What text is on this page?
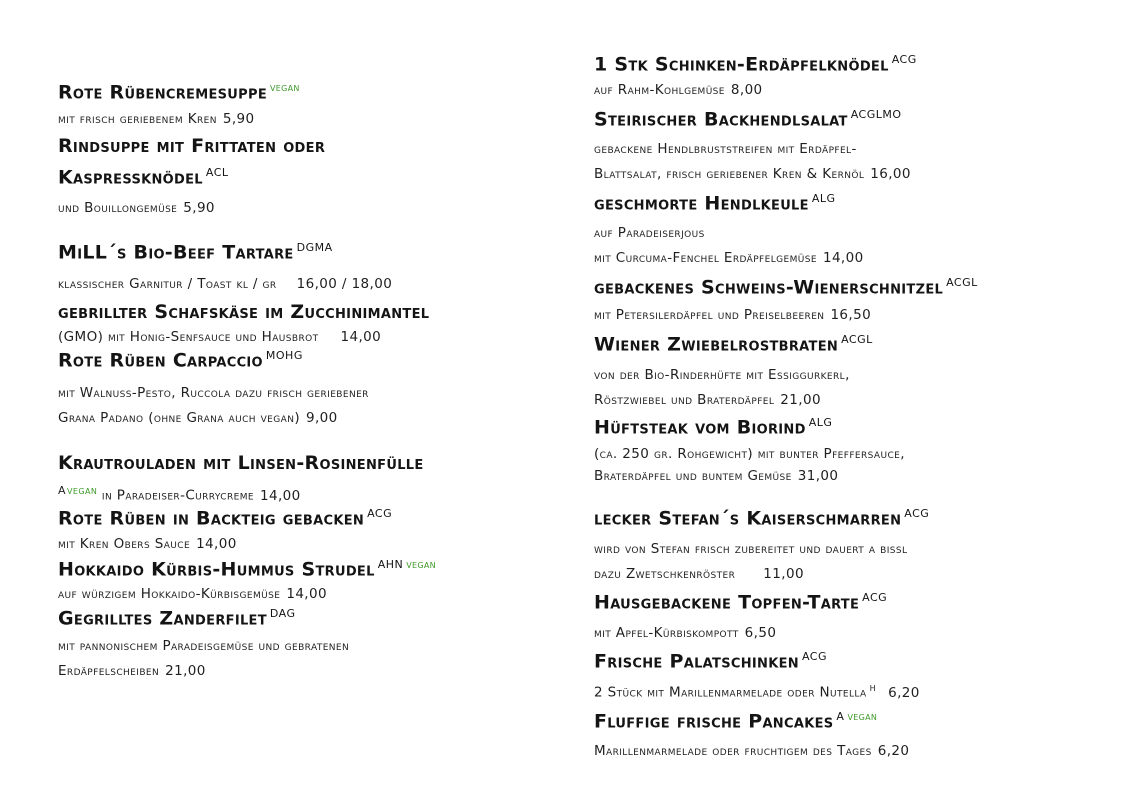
Rote Rübencremesuppe $^{vegan}$
mit frisch geriebenem Kren 5,90
Rindsuppe mit Frittaten oder
Kaspressknödel $^{ACL}$
und Bouillongemüse 5,90
MiLL´s Bio-Beef Tartare $^{DGMA}$
klassischer Garnitur / Toast kl / gr 16,00 / 18,00
gebrillter Schafskäse im Zucchinimantel
(GMO) mit Honig-Senfsauce und Hausbrot 14,00
Rote Rüben Carpaccio $^{MOHG}$
mit Walnuss-Pesto, Ruccola dazu frisch geriebener
Grana Padano (ohne Grana auch vegan) 9,00
Krautrouladen mit Linsen-Rosinenfülle
$^A$vegan in Paradeiser-Currycreme 14,00
Rote Rüben in Backteig gebacken $^{ACG}$
mit Kren Obers Sauce 14,00
Hokkaido Kürbis-Hummus Strudel $^{AHN}$ $^{vegan}$
auf würzigem Hokkaido-Kürbisgemüse 14,00
Gegrilltes Zanderfilet $^{DAG}$
mit pannonischem Paradeisgemüse und gebratenen
Erdäpfelscheiben 21,00
1 Stk Schinken-Erdäpfelknödel $^{ACG}$
auf Rahm-Kohlgemüse 8,00
Steirischer Backhendlsalat $^{ACGLMO}$
gebackene Hendlbruststreifen mit Erdäpfel-
Blattsalat, frisch geriebener Kren & Kernöl 16,00
geschmorte Hendlkeule $^{ALG}$
auf Paradeiserjous
mit Curcuma-Fenchel Erdäpfelgemüse 14,00
gebackenes Schweins-Wienerschnitzel $^{ACGL}$
mit Petersilerdäpfel und Preiselbeeren 16,50
Wiener Zwiebelrostbraten $^{ACGL}$
von der Bio-Rinderhüfte mit Essiggurkerl,
Röstzwiebel und Braterdäpfel 21,00
Hüftsteak vom Biorind $^{ALG}$
(ca. 250 gr. Rohgewicht) mit bunter Pfeffersauce,
Braterdäpfel und buntem Gemüse 31,00
lecker Stefan´s Kaiserschmarren $^{ACG}$
wird von Stefan frisch zubereitet und dauert a bissl
dazu Zwetschkenröster 11,00
Hausgebackene Topfen-Tarte $^{ACG}$
mit Apfel-Kürbiskompott 6,50
Frische Palatschinken $^{ACG}$
2 Stück mit Marillenmarmelade oder Nutella $^H$ 6,20
Fluffige frische Pancakes $^A$ $^{vegan}$
Marillenmarmelade oder fruchtigem des Tages 6,20
